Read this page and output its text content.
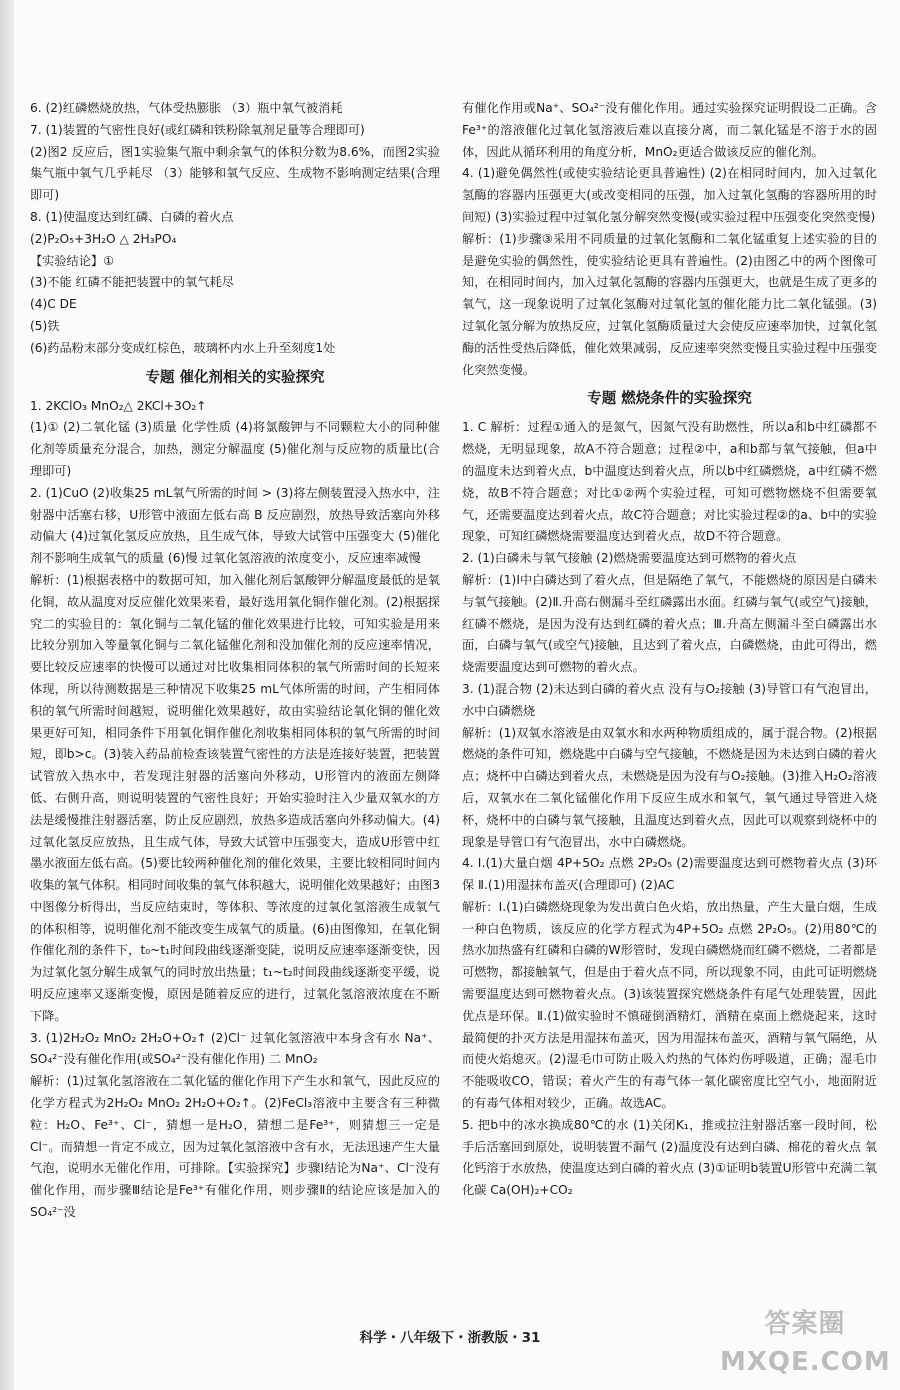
6. (2)红磷燃烧放热，气体受热膨胀 （3）瓶中氧气被消耗

7. (1)装置的气密性良好(或红磷和铁粉除氧剂足量等合理即可)

(2)图2 反应后，图1实验集气瓶中剩余氧气的体积分数为8.6%，而图2实验集气瓶中氧气几乎耗尽 （3）能够和氧气反应、生成物不影响测定结果(合理即可)

8. (1)使温度达到红磷、白磷的着火点

(2)P₂O₅+3H₂O △ 2H₃PO₄

【实验结论】①

(3)不能 红磷不能把装置中的氧气耗尽

(4)C DE

(5)铁

(6)药品粉末部分变成红棕色，玻璃杯内水上升至刻度1处

专题 催化剂相关的实验探究

1. 2KClO₃ MnO₂△ 2KCl+3O₂↑

(1)① (2)二氧化锰 (3)质量 化学性质 (4)将氯酸钾与不同颗粒大小的同种催化剂等质量充分混合，加热，测定分解温度 (5)催化剂与反应物的质量比(合理即可)

2. (1)CuO (2)收集25 mL氧气所需的时间 > (3)将左侧装置浸入热水中，注射器中活塞右移，U形管中液面左低右高 B 反应剧烈，放热导致活塞向外移动偏大 (4)过氧化氢反应放热，且生成气体，导致大试管中压强变大 (5)催化剂不影响生成氧气的质量 (6)慢 过氧化氢溶液的浓度变小，反应速率减慢

解析：(1)根据表格中的数据可知，加入催化剂后氯酸钾分解温度最低的是氧化铜，故从温度对反应催化效果来看，最好选用氧化铜作催化剂。(2)根据探究二的实验目的：氧化铜与二氧化锰的催化效果进行比较，可知实验是用来比较分别加入等量氧化铜与二氧化锰催化剂和没加催化剂的反应速率情况，要比较反应速率的快慢可以通过对比收集相同体积的氧气所需时间的长短来体现，所以待测数据是三种情况下收集25 mL气体所需的时间，产生相同体积的氧气所需时间越短，说明催化效果越好，故由实验结论氧化铜的催化效果更好可知，相同条件下用氧化铜作催化剂收集相同体积的氧气所需的时间短，即b>c。(3)装入药品前检查该装置气密性的方法是连接好装置，把装置试管放入热水中，若发现注射器的活塞向外移动，U形管内的液面左侧降低、右侧升高，则说明装置的气密性良好；开始实验时注入少量双氧水的方法是缓慢推注射器活塞，防止反应剧烈，放热多造成活塞向外移动偏大。(4)过氧化氢反应放热，且生成气体，导致大试管中压强变大，造成U形管中红墨水液面左低右高。(5)要比较两种催化剂的催化效果，主要比较相同时间内收集的氧气体积。相同时间收集的氧气体积越大，说明催化效果越好；由图3中图像分析得出，当反应结束时，等体积、等浓度的过氧化氢溶液生成氧气的体积相等，说明催化剂不能改变生成氧气的质量。(6)由图像知，在氧化铜作催化剂的条件下，t₀~t₁时间段曲线逐渐变陡，说明反应速率逐渐变快，因为过氧化氢分解生成氧气的同时放出热量；t₁~t₂时间段曲线逐渐变平缓，说明反应速率又逐渐变慢，原因是随着反应的进行，过氧化氢溶液浓度在不断下降。

3. (1)2H₂O₂ MnO₂ 2H₂O+O₂↑ (2)Cl⁻ 过氧化氢溶液中本身含有水 Na⁺、SO₄²⁻没有催化作用(或SO₄²⁻没有催化作用) 二 MnO₂

解析：(1)过氧化氢溶液在二氧化锰的催化作用下产生水和氧气，因此反应的化学方程式为2H₂O₂ MnO₂ 2H₂O+O₂↑。(2)FeCl₃溶液中主要含有三种微粒：H₂O、Fe³⁺、Cl⁻，猜想一是H₂O，猜想二是Fe³⁺，则猜想三一定是Cl⁻。而猜想一肯定不成立，因为过氧化氢溶液中含有水，无法迅速产生大量气泡，说明水无催化作用，可排除。【实验探究】步骤Ⅰ结论为Na⁺、Cl⁻没有催化作用，而步骤Ⅲ结论是Fe³⁺有催化作用，则步骤Ⅱ的结论应该是加入的SO₄²⁻没

有催化作用或Na⁺、SO₄²⁻没有催化作用。通过实验探究证明假设二正确。含Fe³⁺的溶液催化过氧化氢溶液后难以直接分离，而二氧化锰是不溶于水的固体，因此从循环利用的角度分析，MnO₂更适合做该反应的催化剂。

4. (1)避免偶然性(或使实验结论更具普遍性) (2)在相同时间内，加入过氧化氢酶的容器内压强更大(或改变相同的压强，加入过氧化氢酶的容器所用的时间短) (3)实验过程中过氧化氢分解突然变慢(或实验过程中压强变化突然变慢)

解析：(1)步骤③采用不同质量的过氧化氢酶和二氧化锰重复上述实验的目的是避免实验的偶然性，使实验结论更具有普遍性。(2)由图乙中的两个图像可知，在相同时间内，加入过氧化氢酶的容器内压强更大，也就是生成了更多的氧气，这一现象说明了过氧化氢酶对过氧化氢的催化能力比二氧化锰强。(3)过氧化氢分解为放热反应，过氧化氢酶质量过大会使反应速率加快，过氧化氢酶的活性受热后降低，催化效果减弱，反应速率突然变慢且实验过程中压强变化突然变慢。

专题 燃烧条件的实验探究

1. C 解析：过程①通入的是氮气，因氮气没有助燃性，所以a和b中红磷都不燃烧，无明显现象，故A不符合题意；过程②中，a和b都与氧气接触，但a中的温度未达到着火点，b中温度达到着火点，所以b中红磷燃烧，a中红磷不燃烧，故B不符合题意；对比①②两个实验过程，可知可燃物燃烧不但需要氧气，还需要温度达到着火点，故C符合题意；对比实验过程②的a、b中的实验现象，可知红磷燃烧需要温度达到着火点，故D不符合题意。

2. (1)白磷未与氧气接触 (2)燃烧需要温度达到可燃物的着火点

解析：(1)Ⅰ中白磷达到了着火点，但是隔绝了氧气，不能燃烧的原因是白磷未与氧气接触。(2)Ⅱ.升高右侧漏斗至红磷露出水面。红磷与氧气(或空气)接触，红磷不燃烧，是因为没有达到红磷的着火点；Ⅲ.升高左侧漏斗至白磷露出水面，白磷与氧气(或空气)接触，且达到了着火点，白磷燃烧，由此可得出，燃烧需要温度达到可燃物的着火点。

3. (1)混合物 (2)未达到白磷的着火点 没有与O₂接触 (3)导管口有气泡冒出，水中白磷燃烧

解析：(1)双氧水溶液是由双氧水和水两种物质组成的，属于混合物。(2)根据燃烧的条件可知，燃烧匙中白磷与空气接触，不燃烧是因为未达到白磷的着火点；烧杯中白磷达到着火点，未燃烧是因为没有与O₂接触。(3)推入H₂O₂溶液后，双氧水在二氧化锰催化作用下反应生成水和氧气，氧气通过导管进入烧杯，烧杯中的白磷与氧气接触，且温度达到着火点，因此可以观察到烧杯中的现象是导管口有气泡冒出，水中白磷燃烧。

4. Ⅰ.(1)大量白烟 4P+5O₂ 点燃 2P₂O₅ (2)需要温度达到可燃物着火点 (3)环保 Ⅱ.(1)用湿抹布盖灭(合理即可) (2)AC

解析：Ⅰ.(1)白磷燃烧现象为发出黄白色火焰，放出热量，产生大量白烟，生成一种白色物质，该反应的化学方程式为4P+5O₂ 点燃 2P₂O₅。(2)用80℃的热水加热盛有红磷和白磷的W形管时，发现白磷燃烧而红磷不燃烧，二者都是可燃物，都接触氧气，但是由于着火点不同，所以现象不同，由此可证明燃烧需要温度达到可燃物着火点。(3)该装置探究燃烧条件有尾气处理装置，因此优点是环保。Ⅱ.(1)做实验时不慎碰倒酒精灯，酒精在桌面上燃烧起来，这时最简便的扑灭方法是用湿抹布盖灭，因为用湿抹布盖灭，酒精与氧气隔绝，从而使火焰熄灭。(2)湿毛巾可防止吸入灼热的气体灼伤呼吸道，正确；湿毛巾不能吸收CO，错误；着火产生的有毒气体一氧化碳密度比空气小，地面附近的有毒气体相对较少，正确。故选AC。

5. 把b中的冰水换成80℃的水 (1)关闭K₁，推或拉注射器活塞一段时间，松手后活塞回到原处，说明装置不漏气 (2)温度没有达到白磷、棉花的着火点 氧化钙溶于水放热，使温度达到白磷的着火点 (3)①证明b装置U形管中充满二氧化碳 Ca(OH)₂+CO₂

科学・八年级下・浙教版・31	答案圈 MXQE.COM
